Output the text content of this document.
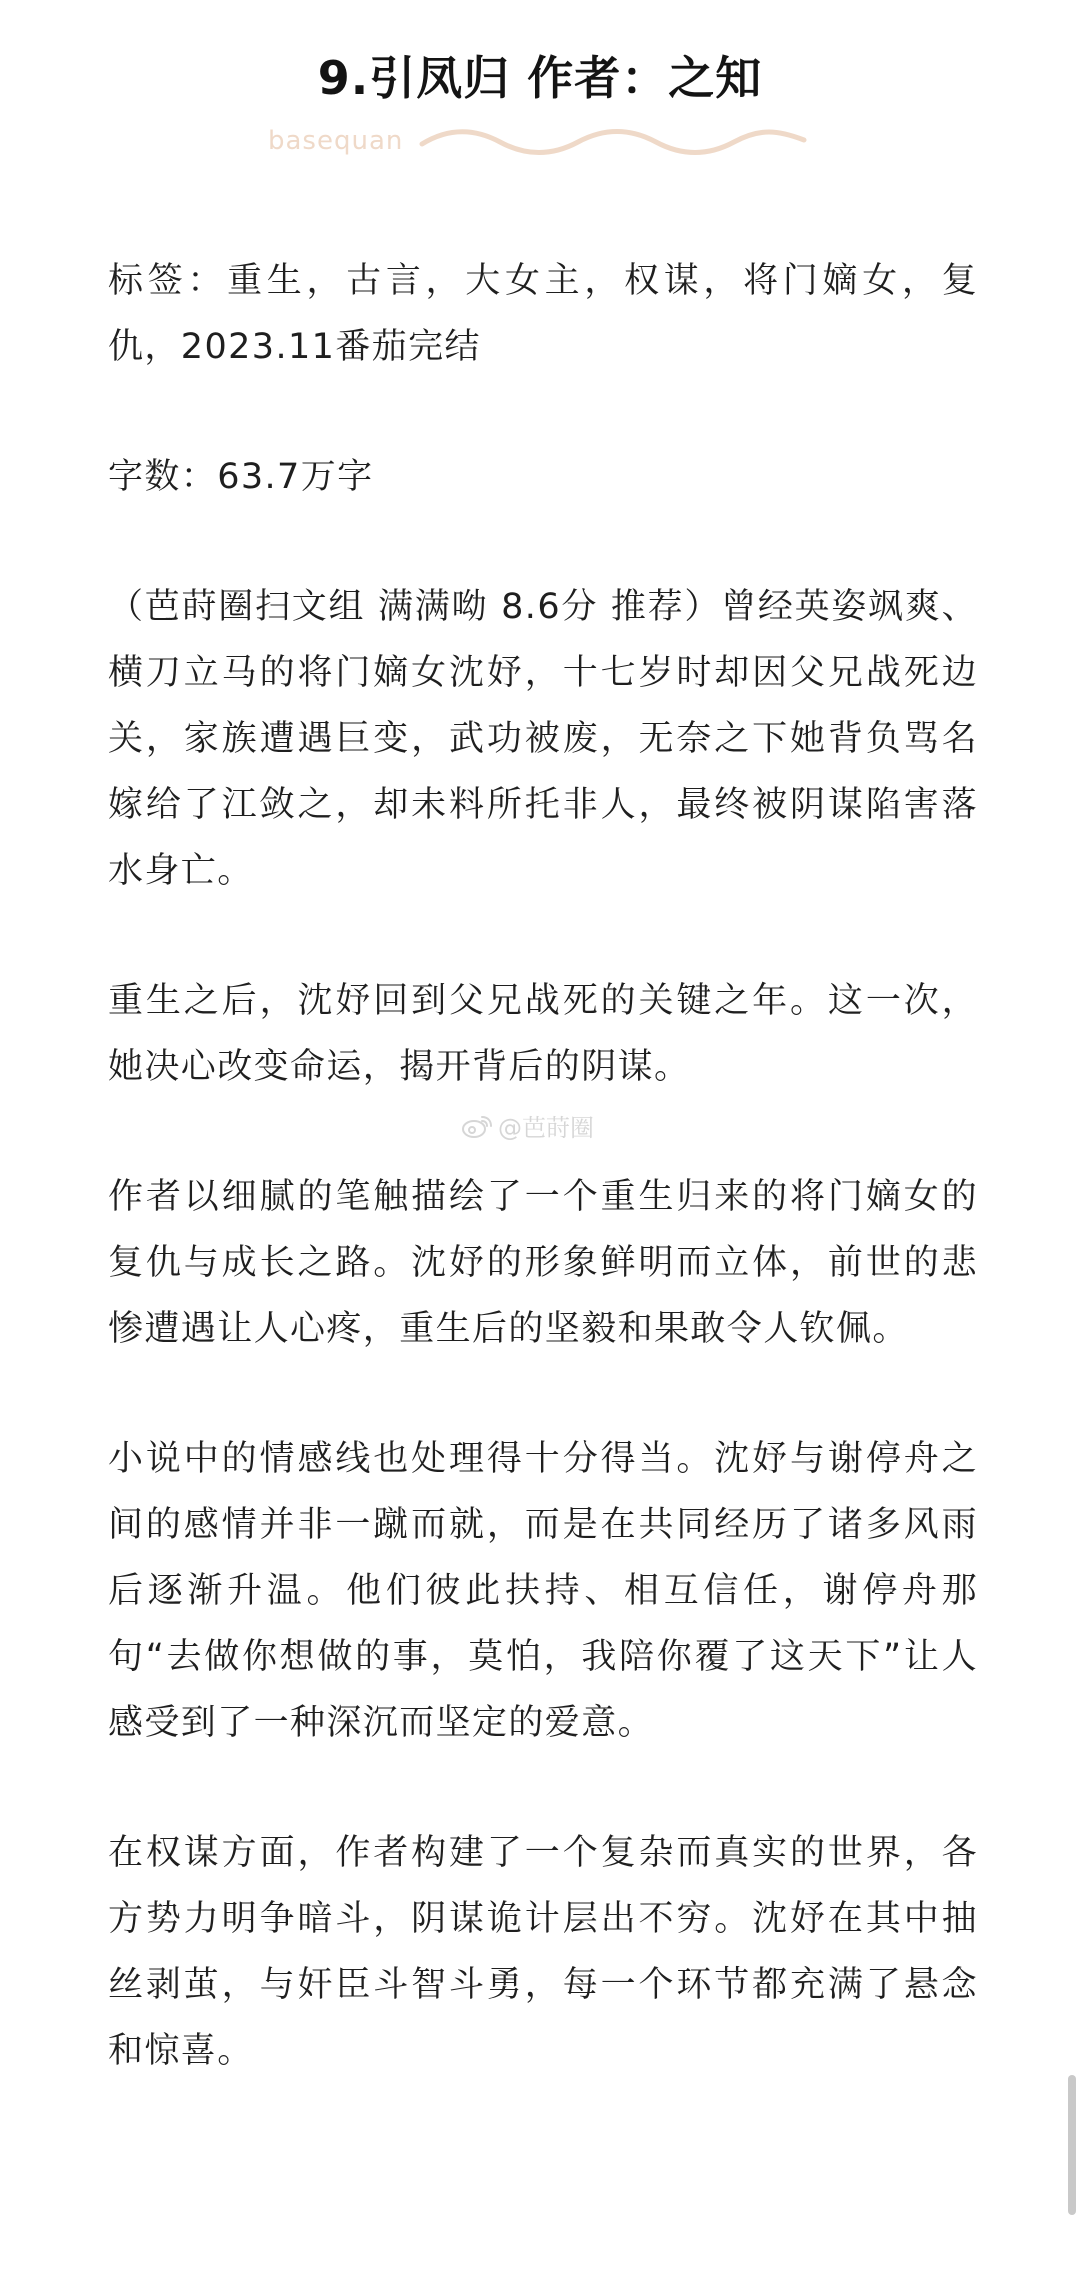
9.引凤归 作者：之知
basequan

标签：重生，古言，大女主，权谋，将门嫡女，复仇，2023.11番茄完结

字数：63.7万字

（芭莳圈扫文组 满满呦 8.6分 推荐）曾经英姿飒爽、横刀立马的将门嫡女沈妤，十七岁时却因父兄战死边关，家族遭遇巨变，武功被废，无奈之下她背负骂名嫁给了江敛之，却未料所托非人，最终被阴谋陷害落水身亡。

重生之后，沈妤回到父兄战死的关键之年。这一次，她决心改变命运，揭开背后的阴谋。

作者以细腻的笔触描绘了一个重生归来的将门嫡女的复仇与成长之路。沈妤的形象鲜明而立体，前世的悲惨遭遇让人心疼，重生后的坚毅和果敢令人钦佩。

小说中的情感线也处理得十分得当。沈妤与谢停舟之间的感情并非一蹴而就，而是在共同经历了诸多风雨后逐渐升温。他们彼此扶持、相互信任，谢停舟那句“去做你想做的事，莫怕，我陪你覆了这天下”让人感受到了一种深沉而坚定的爱意。

在权谋方面，作者构建了一个复杂而真实的世界，各方势力明争暗斗，阴谋诡计层出不穷。沈妤在其中抽丝剥茧，与奸臣斗智斗勇，每一个环节都充满了悬念和惊喜。

@芭莳圈
